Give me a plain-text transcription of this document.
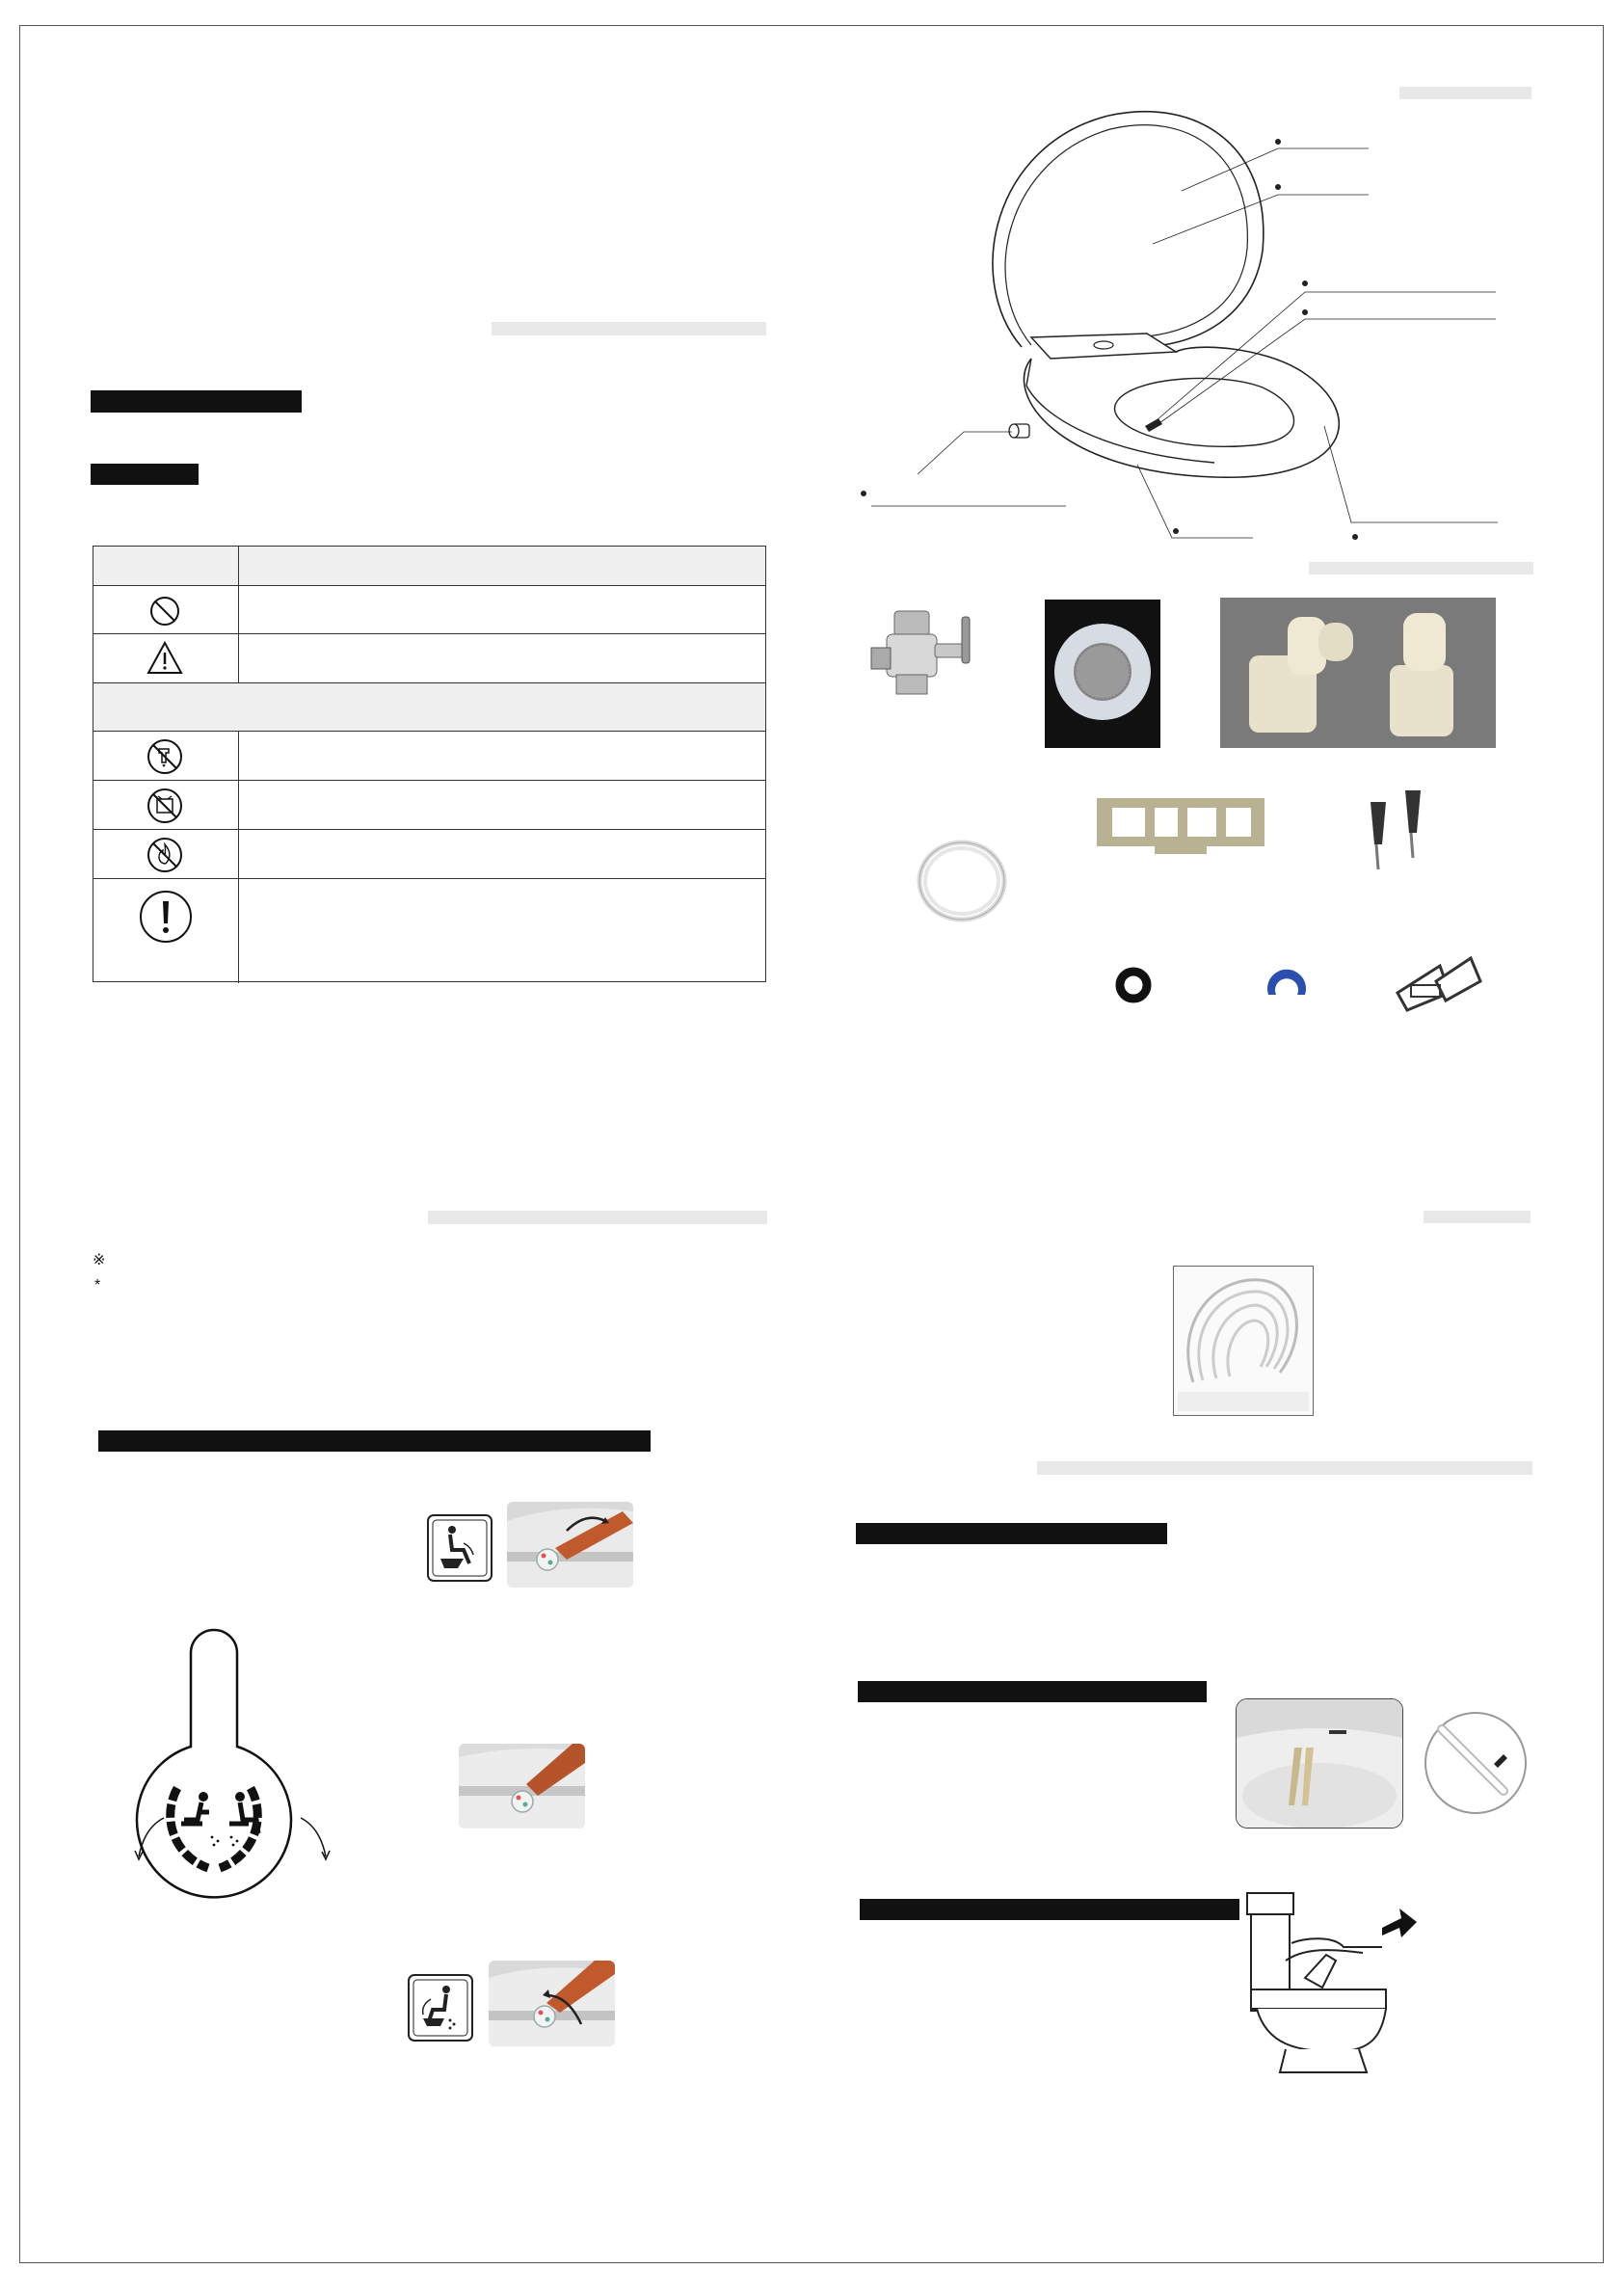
※
*
